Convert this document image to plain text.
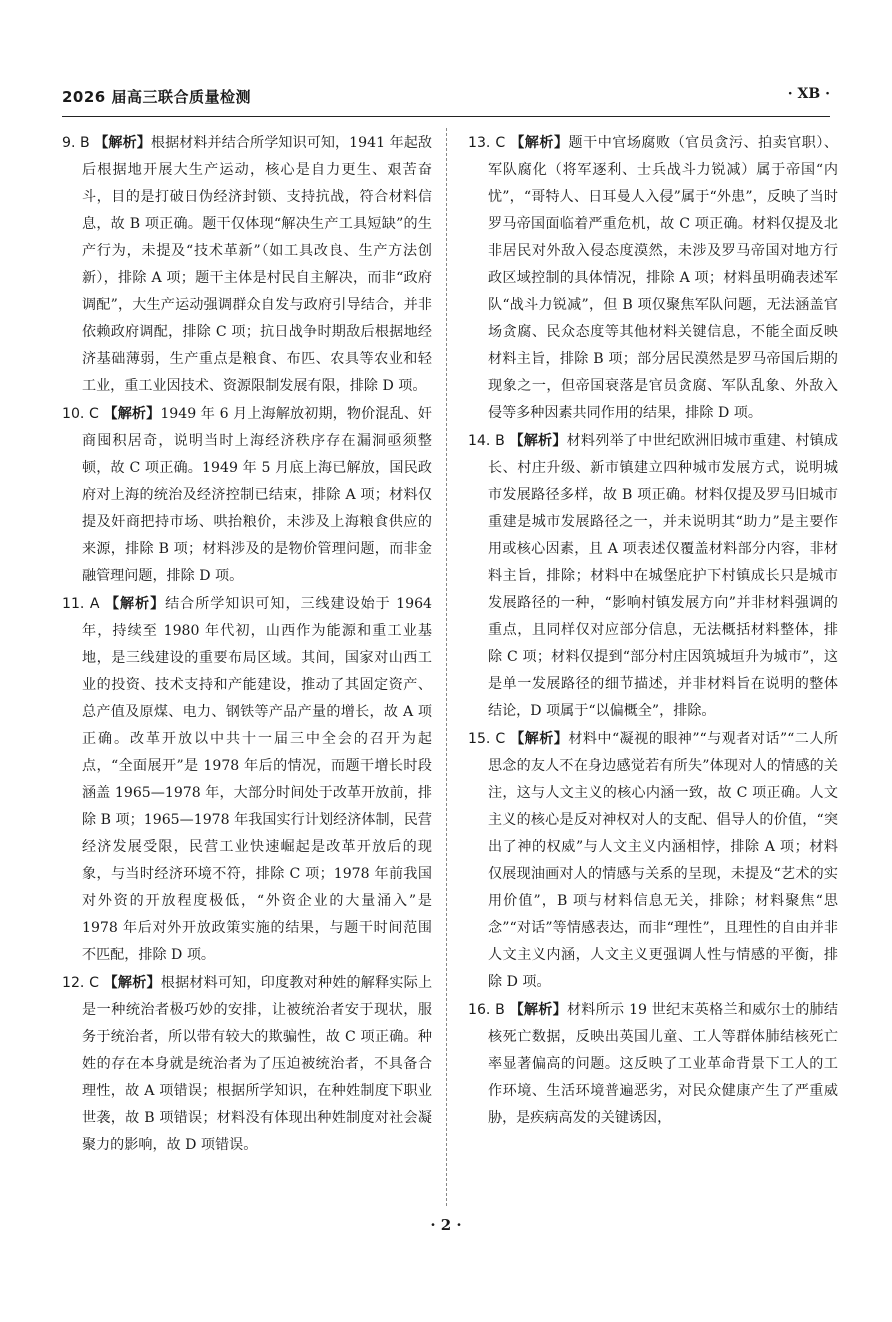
2026 届高三联合质量检测	· XB ·

9. B 【解析】根据材料并结合所学知识可知，1941 年起敌后根据地开展大生产运动，核心是自力更生、艰苦奋斗，目的是打破日伪经济封锁、支持抗战，符合材料信息，故 B 项正确。题干仅体现“解决生产工具短缺”的生产行为，未提及“技术革新”（如工具改良、生产方法创新），排除 A 项；题干主体是村民自主解决，而非“政府调配”，大生产运动强调群众自发与政府引导结合，并非依赖政府调配，排除 C 项；抗日战争时期敌后根据地经济基础薄弱，生产重点是粮食、布匹、农具等农业和轻工业，重工业因技术、资源限制发展有限，排除 D 项。

10. C 【解析】1949 年 6 月上海解放初期，物价混乱、奸商囤积居奇，说明当时上海经济秩序存在漏洞亟须整顿，故 C 项正确。1949 年 5 月底上海已解放，国民政府对上海的统治及经济控制已结束，排除 A 项；材料仅提及奸商把持市场、哄抬粮价，未涉及上海粮食供应的来源，排除 B 项；材料涉及的是物价管理问题，而非金融管理问题，排除 D 项。

11. A 【解析】结合所学知识可知，三线建设始于 1964 年，持续至 1980 年代初，山西作为能源和重工业基地，是三线建设的重要布局区域。其间，国家对山西工业的投资、技术支持和产能建设，推动了其固定资产、总产值及原煤、电力、钢铁等产品产量的增长，故 A 项正确。改革开放以中共十一届三中全会的召开为起点，“全面展开”是 1978 年后的情况，而题干增长时段涵盖 1965—1978 年，大部分时间处于改革开放前，排除 B 项；1965—1978 年我国实行计划经济体制，民营经济发展受限，民营工业快速崛起是改革开放后的现象，与当时经济环境不符，排除 C 项；1978 年前我国对外资的开放程度极低，“外资企业的大量涌入”是 1978 年后对外开放政策实施的结果，与题干时间范围不匹配，排除 D 项。

12. C 【解析】根据材料可知，印度教对种姓的解释实际上是一种统治者极巧妙的安排，让被统治者安于现状，服务于统治者，所以带有较大的欺骗性，故 C 项正确。种姓的存在本身就是统治者为了压迫被统治者，不具备合理性，故 A 项错误；根据所学知识，在种姓制度下职业世袭，故 B 项错误；材料没有体现出种姓制度对社会凝聚力的影响，故 D 项错误。

13. C 【解析】题干中官场腐败（官员贪污、拍卖官职）、军队腐化（将军逐利、士兵战斗力锐减）属于帝国“内忧”，“哥特人、日耳曼人入侵”属于“外患”，反映了当时罗马帝国面临着严重危机，故 C 项正确。材料仅提及北非居民对外敌入侵态度漠然，未涉及罗马帝国对地方行政区域控制的具体情况，排除 A 项；材料虽明确表述军队“战斗力锐减”，但 B 项仅聚焦军队问题，无法涵盖官场贪腐、民众态度等其他材料关键信息，不能全面反映材料主旨，排除 B 项；部分居民漠然是罗马帝国后期的现象之一，但帝国衰落是官员贪腐、军队乱象、外敌入侵等多种因素共同作用的结果，排除 D 项。

14. B 【解析】材料列举了中世纪欧洲旧城市重建、村镇成长、村庄升级、新市镇建立四种城市发展方式，说明城市发展路径多样，故 B 项正确。材料仅提及罗马旧城市重建是城市发展路径之一，并未说明其“助力”是主要作用或核心因素，且 A 项表述仅覆盖材料部分内容，非材料主旨，排除；材料中在城堡庇护下村镇成长只是城市发展路径的一种，“影响村镇发展方向”并非材料强调的重点，且同样仅对应部分信息，无法概括材料整体，排除 C 项；材料仅提到“部分村庄因筑城垣升为城市”，这是单一发展路径的细节描述，并非材料旨在说明的整体结论，D 项属于“以偏概全”，排除。

15. C 【解析】材料中“凝视的眼神”“与观者对话”“二人所思念的友人不在身边感觉若有所失”体现对人的情感的关注，这与人文主义的核心内涵一致，故 C 项正确。人文主义的核心是反对神权对人的支配、倡导人的价值，“突出了神的权威”与人文主义内涵相悖，排除 A 项；材料仅展现油画对人的情感与关系的呈现，未提及“艺术的实用价值”，B 项与材料信息无关，排除；材料聚焦“思念”“对话”等情感表达，而非“理性”，且理性的自由并非人文主义内涵，人文主义更强调人性与情感的平衡，排除 D 项。

16. B 【解析】材料所示 19 世纪末英格兰和威尔士的肺结核死亡数据，反映出英国儿童、工人等群体肺结核死亡率显著偏高的问题。这反映了工业革命背景下工人的工作环境、生活环境普遍恶劣，对民众健康产生了严重威胁，是疾病高发的关键诱因，

· 2 ·
